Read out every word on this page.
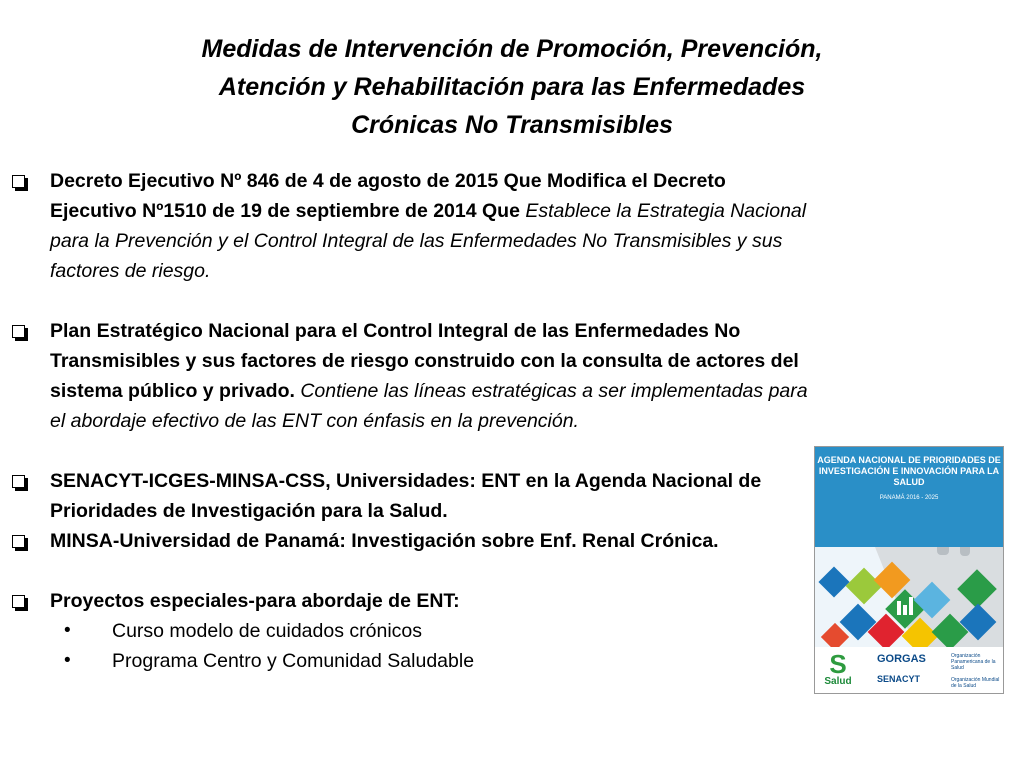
Medidas de Intervención de Promoción, Prevención,
Atención y Rehabilitación para las Enfermedades
Crónicas No Transmisibles
Decreto Ejecutivo Nº 846 de 4 de agosto de 2015 Que Modifica el Decreto Ejecutivo Nº1510 de 19 de septiembre de 2014 Que Establece la Estrategia Nacional para la Prevención y el Control Integral de las Enfermedades No Transmisibles y sus factores de riesgo.
Plan Estratégico Nacional para el Control Integral de las Enfermedades No Transmisibles y sus factores de riesgo construido con la consulta de actores del sistema público y privado. Contiene las líneas estratégicas a ser implementadas para el abordaje efectivo de las ENT con énfasis en la prevención.
SENACYT-ICGES-MINSA-CSS, Universidades: ENT en la Agenda Nacional de Prioridades de Investigación para la Salud.
MINSA-Universidad de Panamá: Investigación sobre Enf. Renal Crónica.
Proyectos especiales-para abordaje de ENT:
• Curso modelo de cuidados crónicos
• Programa Centro y Comunidad Saludable
AGENDA NACIONAL DE PRIORIDADES DE INVESTIGACIÓN E INNOVACIÓN PARA LA SALUD
PANAMÁ 2016 - 2025
S
Salud
GORGAS
SENACYT
Organización Panamericana de la Salud
Organización Mundial de la Salud
